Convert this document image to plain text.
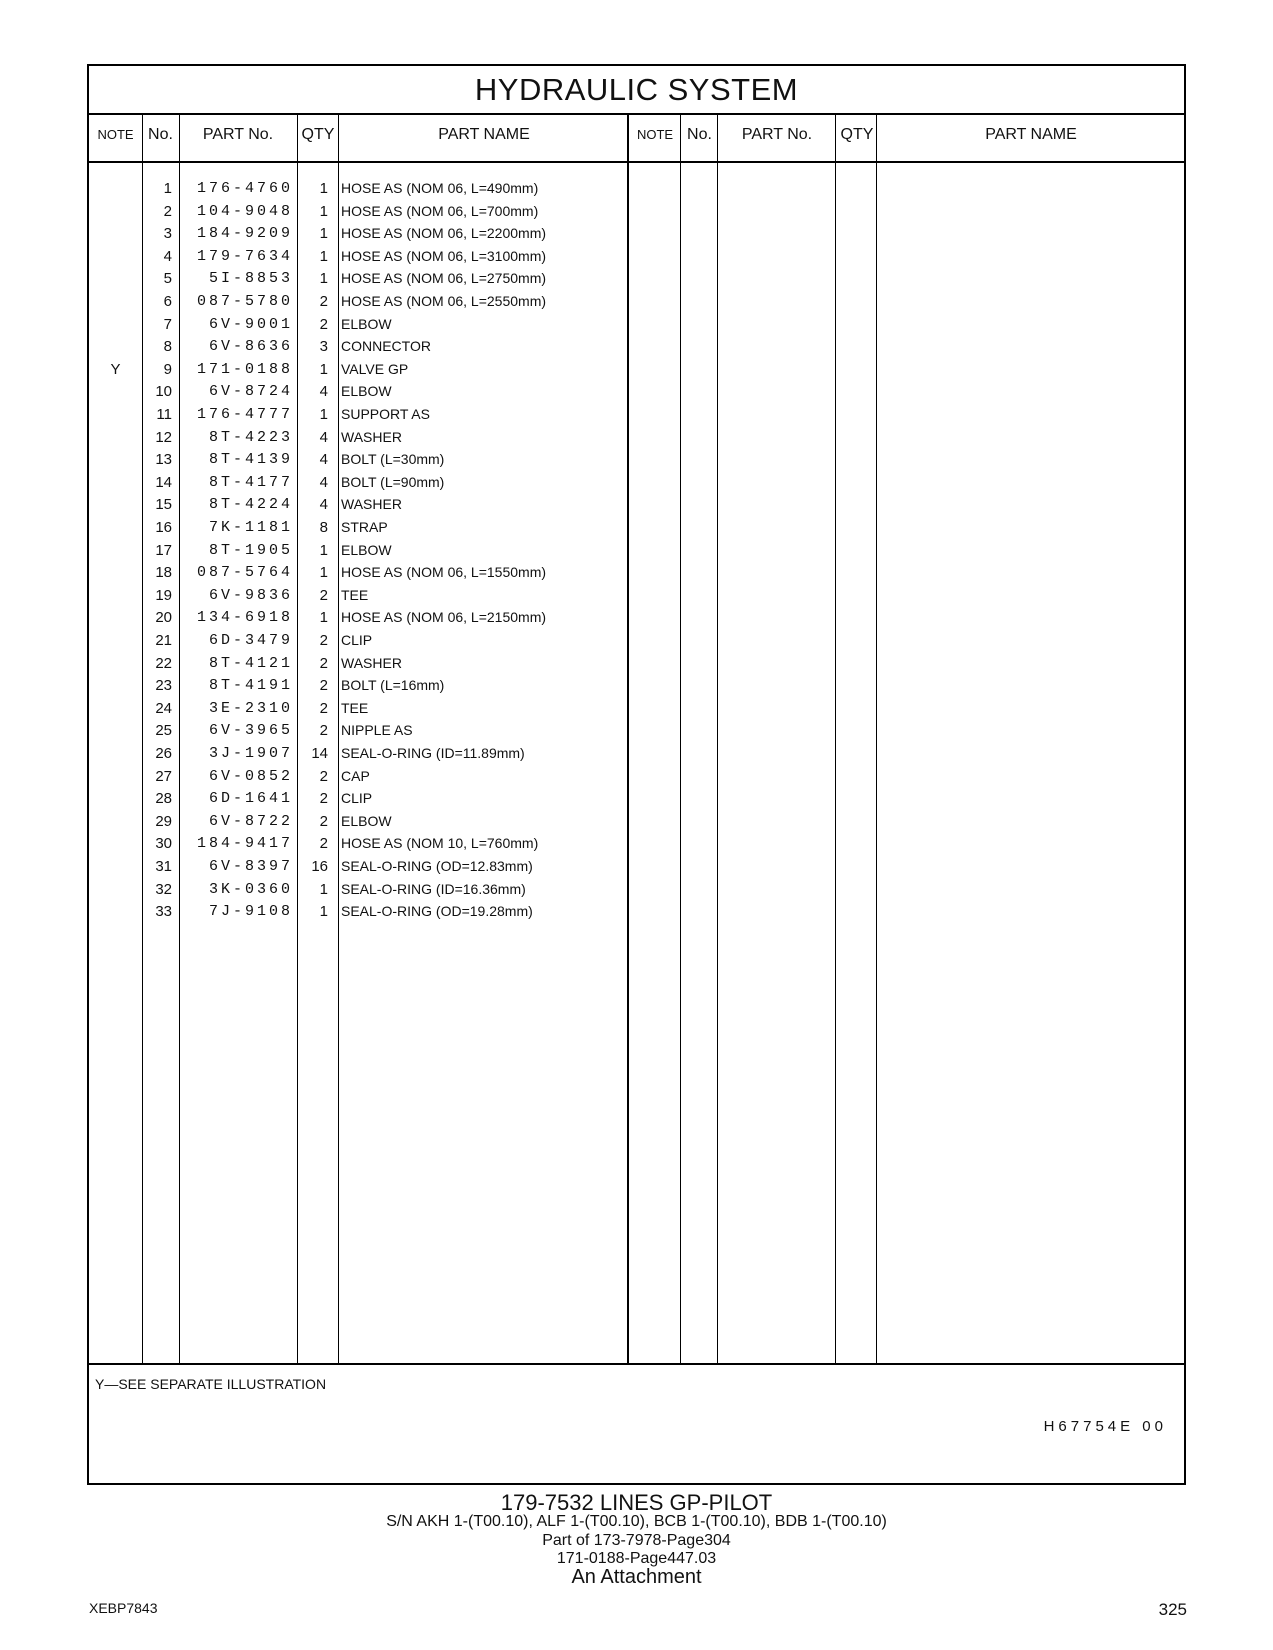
HYDRAULIC SYSTEM
NOTE No.	PART No.	QTY	PART NAME	NOTE No.	PART No.	QTY	PART NAME
1	176-4760	1 HOSE AS (NOM 06, L=490mm)
2	104-9048	1 HOSE AS (NOM 06, L=700mm)
3	184-9209	1 HOSE AS (NOM 06, L=2200mm)
4	179-7634	1 HOSE AS (NOM 06, L=3100mm)
5	5I-8853	1 HOSE AS (NOM 06, L=2750mm)
6	087-5780	2 HOSE AS (NOM 06, L=2550mm)
7	6V-9001	2 ELBOW
8	6V-8636	3 CONNECTOR
Y	9	171-0188	1 VALVE GP
10	6V-8724	4 ELBOW
11	176-4777	1 SUPPORT AS
12	8T-4223	4 WASHER
13	8T-4139	4 BOLT (L=30mm)
14	8T-4177	4 BOLT (L=90mm)
15	8T-4224	4 WASHER
16	7K-1181	8 STRAP
17	8T-1905	1 ELBOW
18	087-5764	1 HOSE AS (NOM 06, L=1550mm)
19	6V-9836	2 TEE
20	134-6918	1 HOSE AS (NOM 06, L=2150mm)
21	6D-3479	2 CLIP
22	8T-4121	2 WASHER
23	8T-4191	2 BOLT (L=16mm)
24	3E-2310	2 TEE
25	6V-3965	2 NIPPLE AS
26	3J-1907	14 SEAL-O-RING (ID=11.89mm)
27	6V-0852	2 CAP
28	6D-1641	2 CLIP
29	6V-8722	2 ELBOW
30	184-9417	2 HOSE AS (NOM 10, L=760mm)
31	6V-8397	16 SEAL-O-RING (OD=12.83mm)
32	3K-0360	1 SEAL-O-RING (ID=16.36mm)
33	7J-9108	1 SEAL-O-RING (OD=19.28mm)
Y—SEE SEPARATE ILLUSTRATION
H67754E 00
179-7532 LINES GP-PILOT
S/N AKH 1-(T00.10), ALF 1-(T00.10), BCB 1-(T00.10), BDB 1-(T00.10)
Part of 173-7978-Page304
171-0188-Page447.03
An Attachment
XEBP7843	325
